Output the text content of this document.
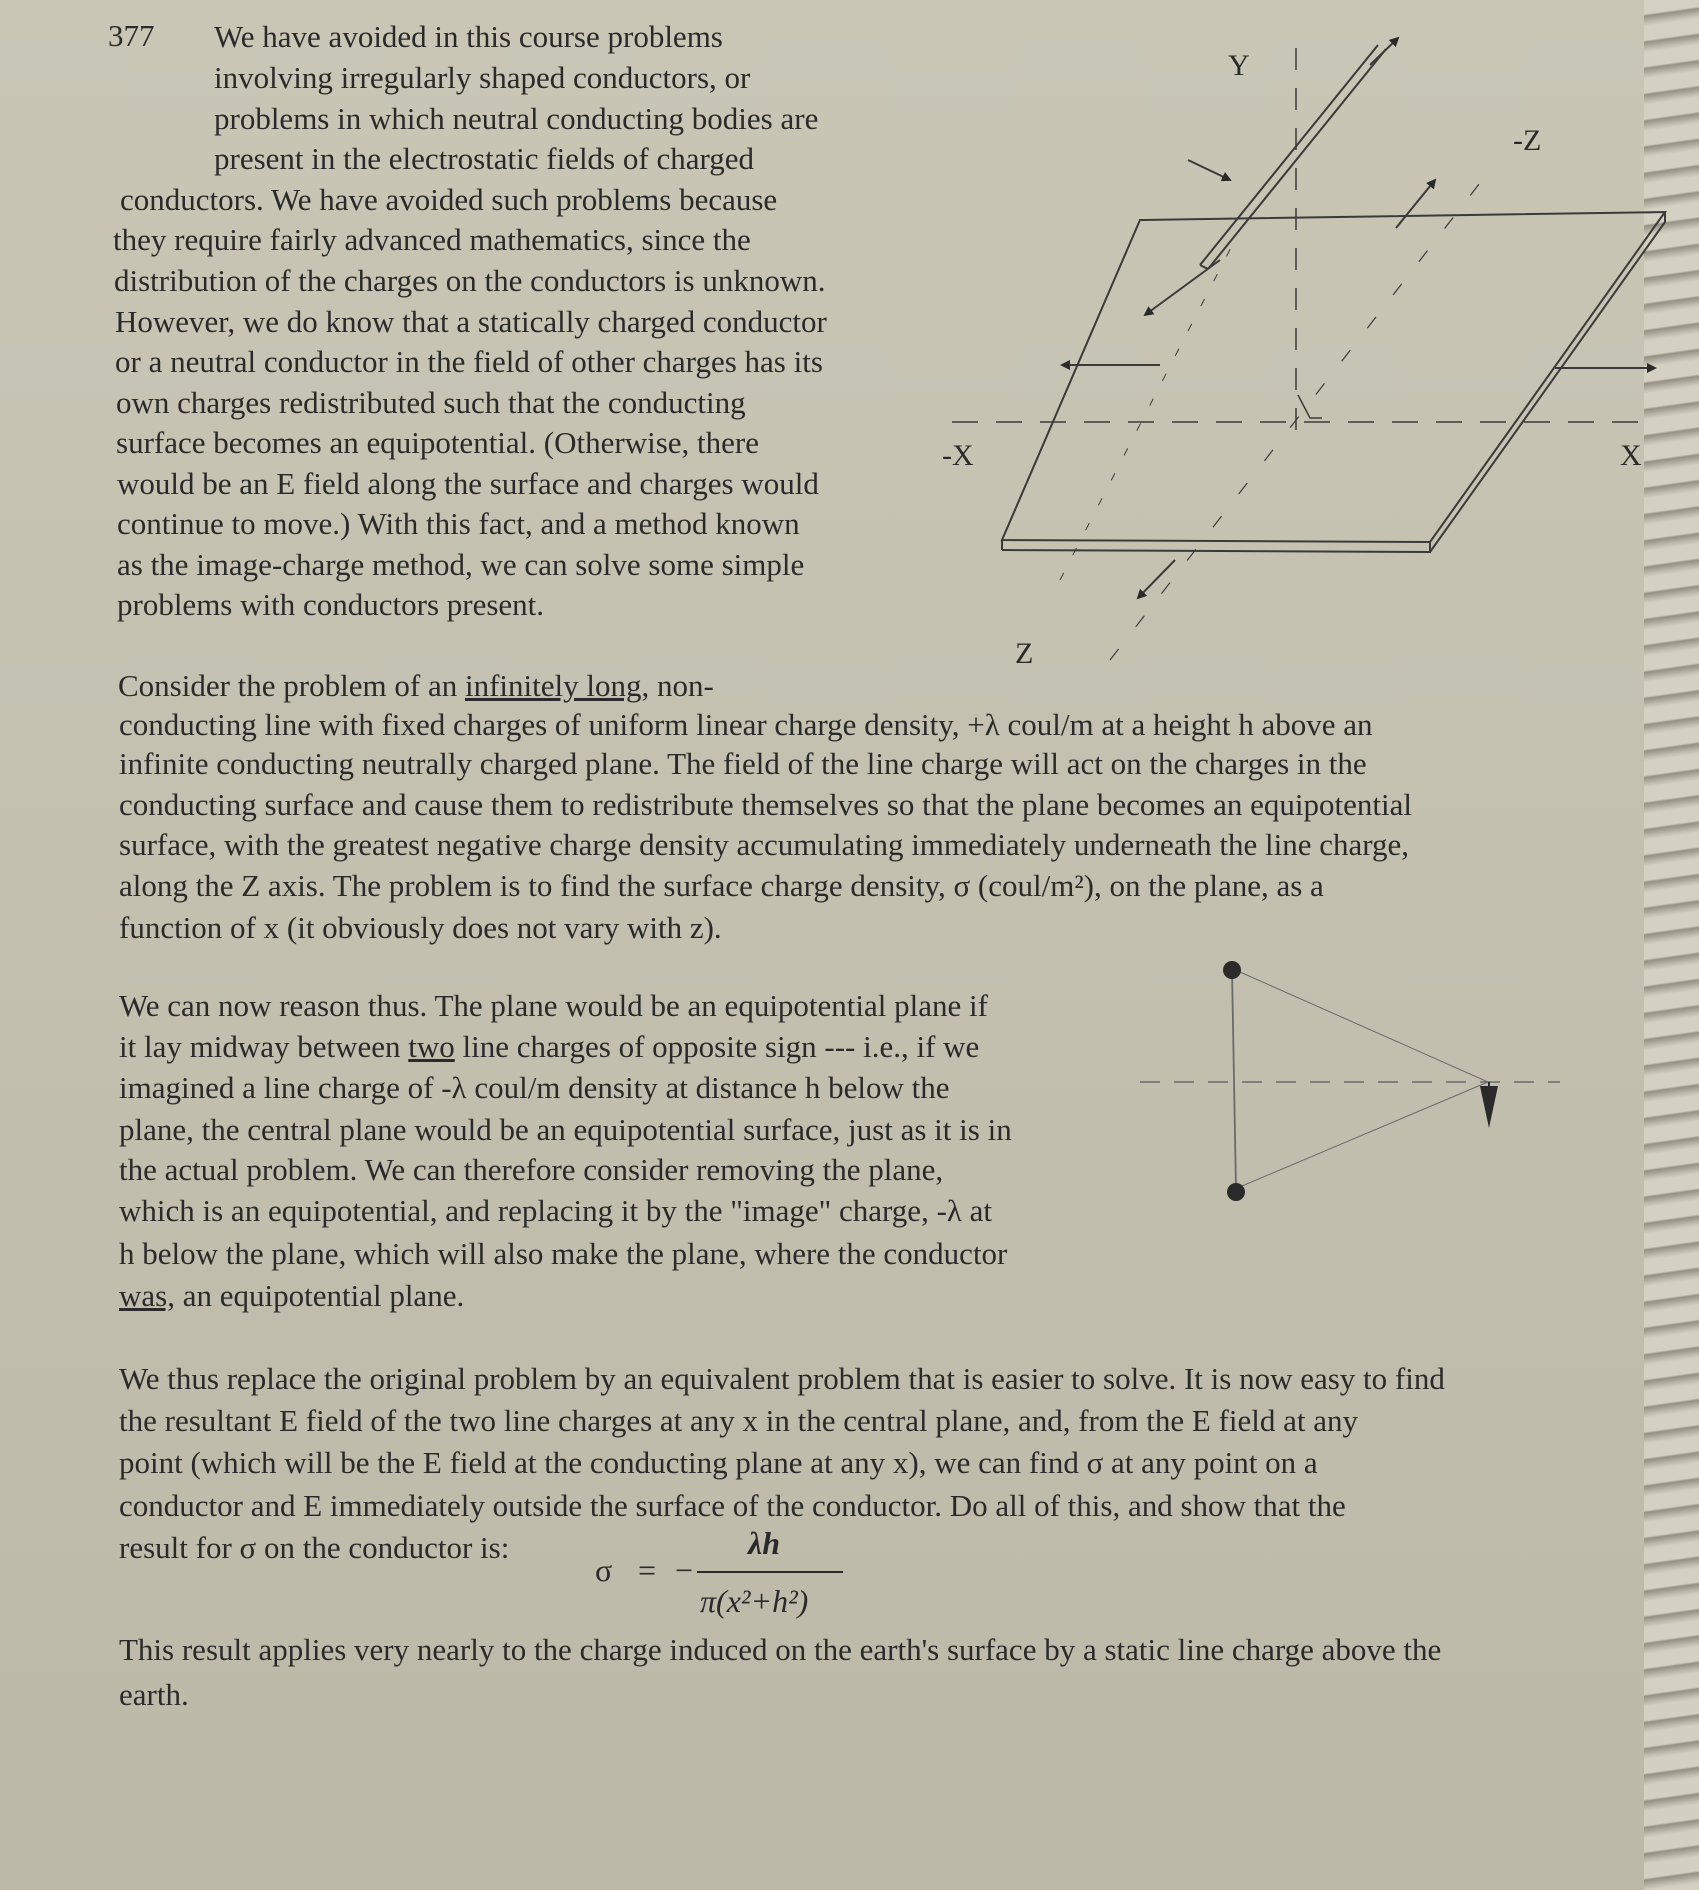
377 We have avoided in this course problems
involving irregularly shaped conductors, or
problems in which neutral conducting bodies are
present in the electrostatic fields of charged
conductors. We have avoided such problems because
they require fairly advanced mathematics, since the
distribution of the charges on the conductors is unknown.
However, we do know that a statically charged conductor
or a neutral conductor in the field of other charges has its
own charges redistributed such that the conducting
surface becomes an equipotential. (Otherwise, there
would be an E field along the surface and charges would
continue to move.) With this fact, and a method known
as the image-charge method, we can solve some simple
problems with conductors present.
Y
-Z
-X	X
Z
Consider the problem of an infinitely long, non-
conducting line with fixed charges of uniform linear charge density, +λ coul/m at a height h above an
infinite conducting neutrally charged plane. The field of the line charge will act on the charges in the
conducting surface and cause them to redistribute themselves so that the plane becomes an equipotential
surface, with the greatest negative charge density accumulating immediately underneath the line charge,
along the Z axis. The problem is to find the surface charge density, σ (coul/m²), on the plane, as a
function of x (it obviously does not vary with z).
We can now reason thus. The plane would be an equipotential plane if
it lay midway between two line charges of opposite sign --- i.e., if we
imagined a line charge of -λ coul/m density at distance h below the
plane, the central plane would be an equipotential surface, just as it is in
the actual problem. We can therefore consider removing the plane,
which is an equipotential, and replacing it by the "image" charge, -λ at
h below the plane, which will also make the plane, where the conductor
was, an equipotential plane.
We thus replace the original problem by an equivalent problem that is easier to solve. It is now easy to find
the resultant E field of the two line charges at any x in the central plane, and, from the E field at any
point (which will be the E field at the conducting plane at any x), we can find σ at any point on a
conductor and E immediately outside the surface of the conductor. Do all of this, and show that the
result for σ on the conductor is:
σ = −
λh
π(x²+h²)
This result applies very nearly to the charge induced on the earth's surface by a static line charge above the
earth.
